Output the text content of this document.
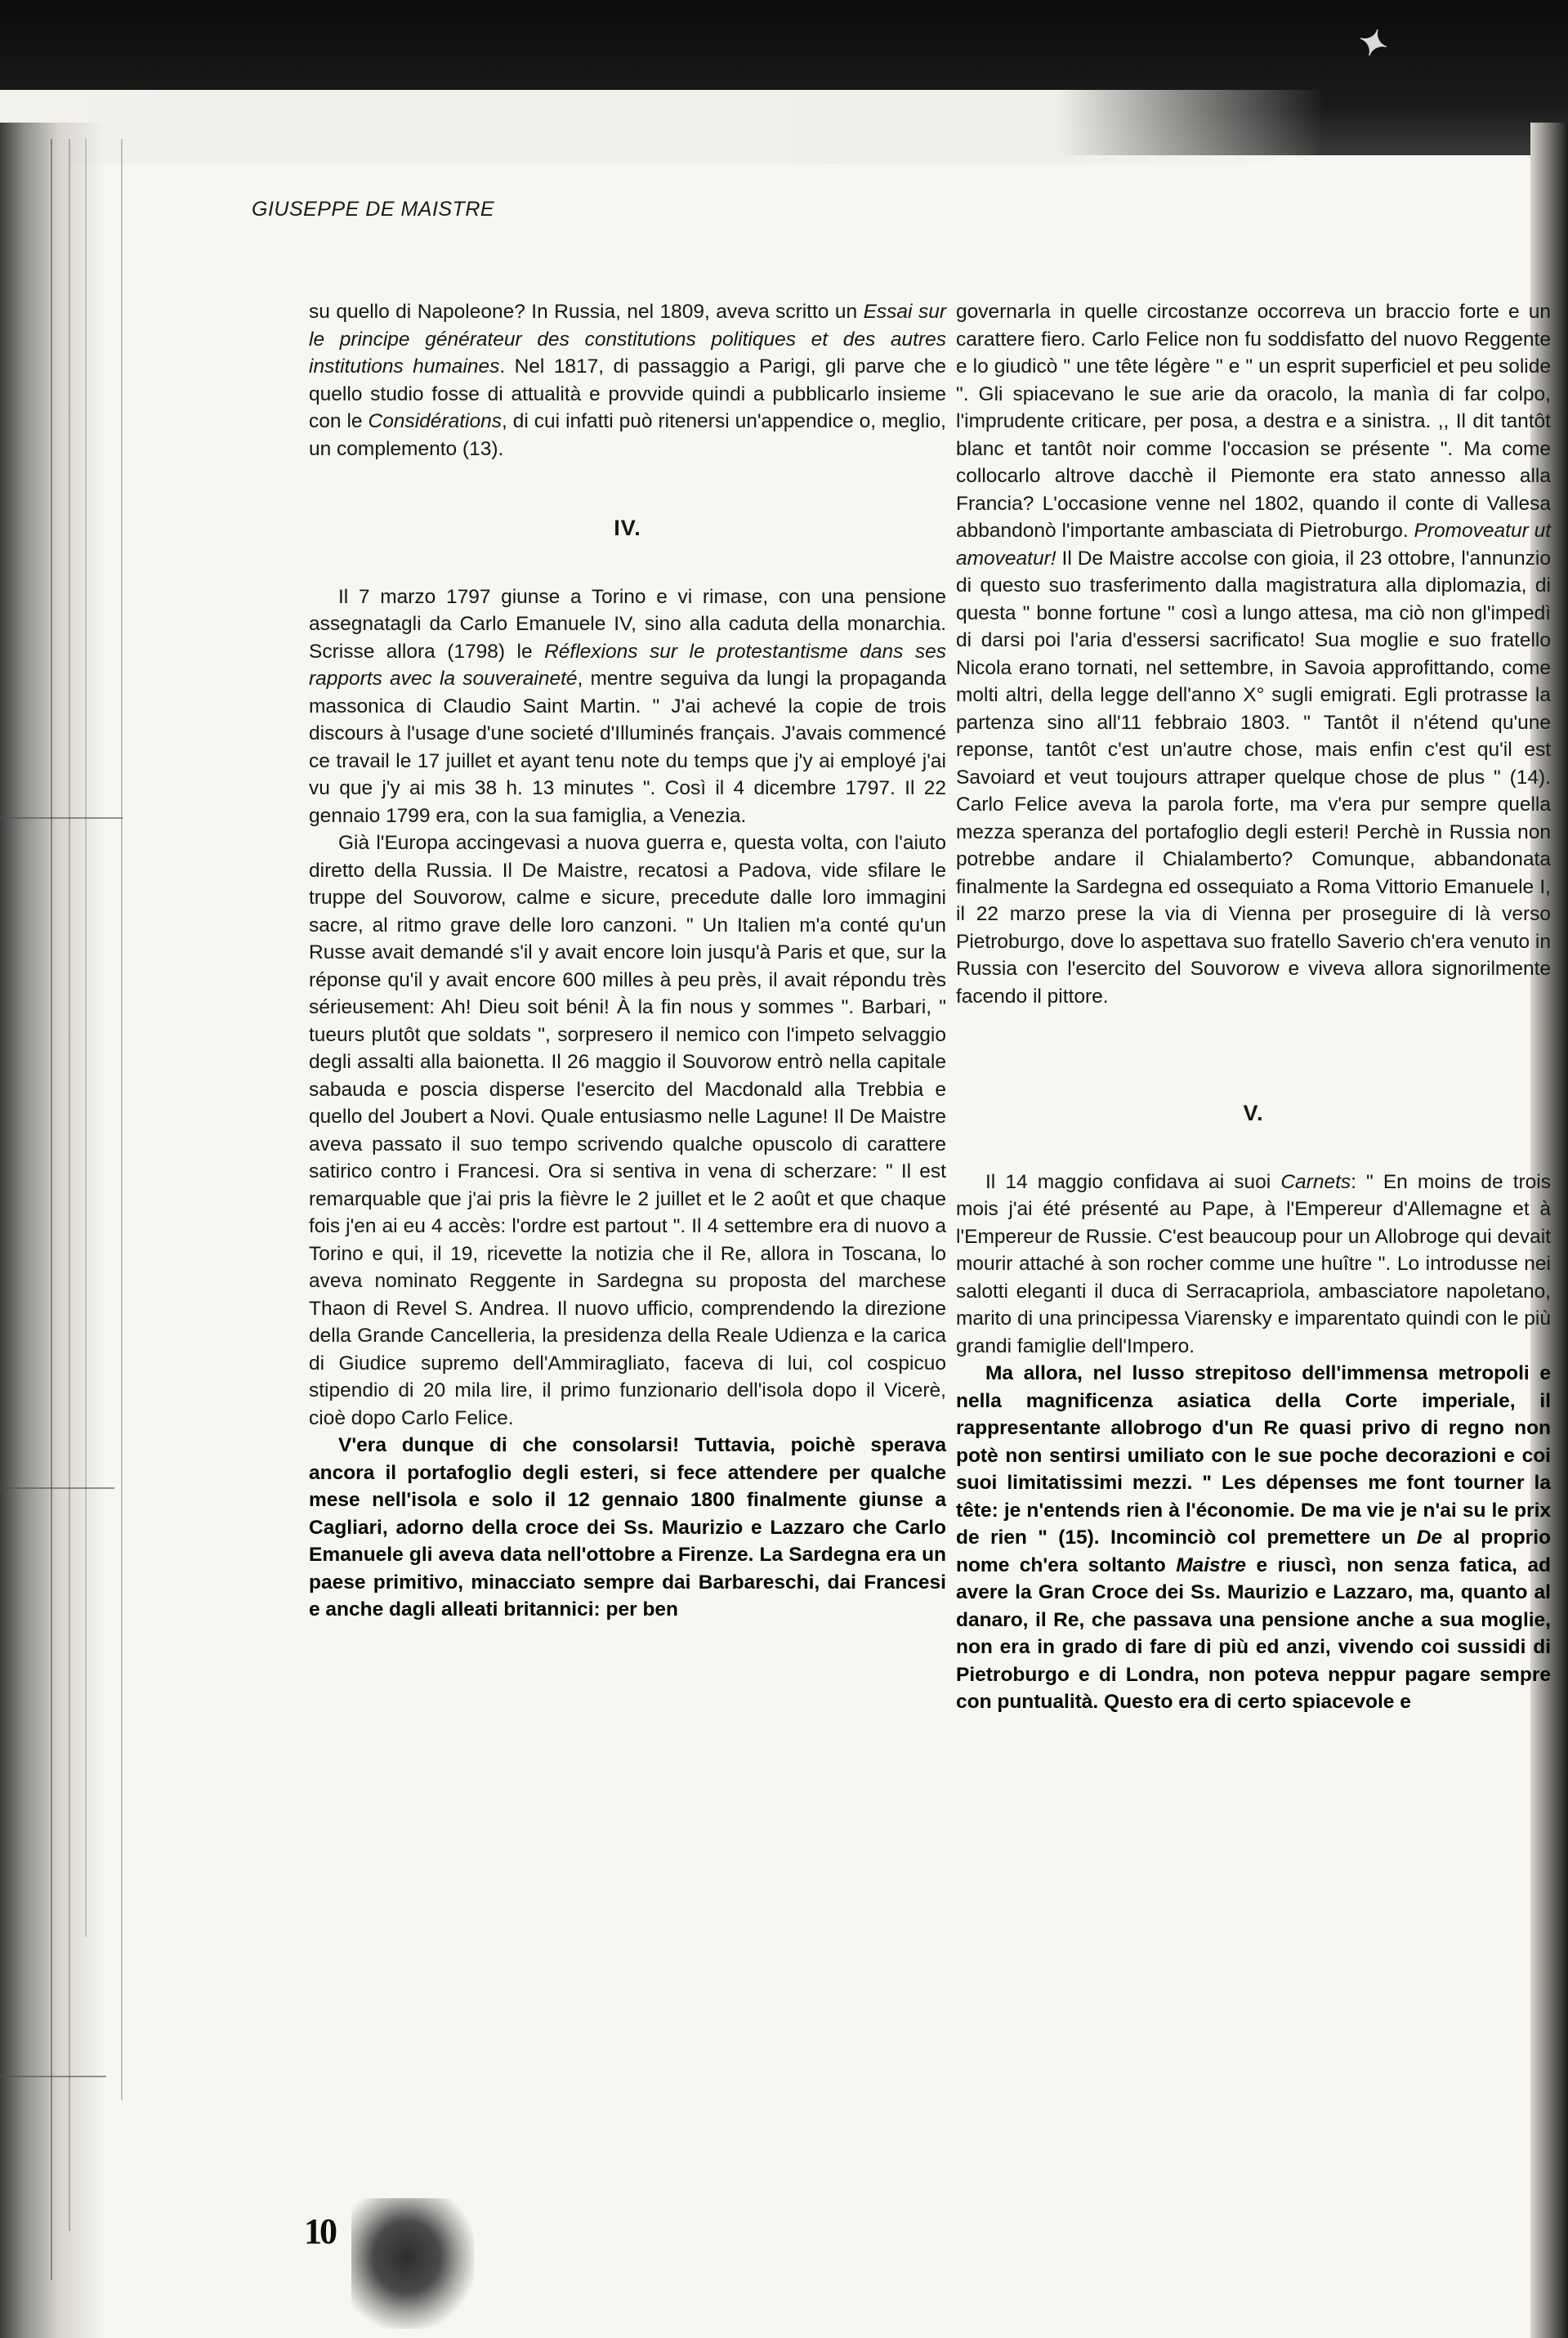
✦
GIUSEPPE DE MAISTRE

su quello di Napoleone? In Russia, nel 1809, aveva scritto un Essai sur le principe générateur des constitutions politiques et des autres institutions humaines. Nel 1817, di passaggio a Parigi, gli parve che quello studio fosse di attualità e provvide quindi a pubblicarlo insieme con le Considérations, di cui infatti può ritenersi un'appendice o, meglio, un complemento (13).

IV.

Il 7 marzo 1797 giunse a Torino e vi rimase, con una pensione assegnatagli da Carlo Emanuele IV, sino alla caduta della monarchia. Scrisse allora (1798) le Réflexions sur le protestantisme dans ses rapports avec la souveraineté, mentre seguiva da lungi la propaganda massonica di Claudio Saint Martin. " J'ai achevé la copie de trois discours à l'usage d'une societé d'Illuminés français. J'avais commencé ce travail le 17 juillet et ayant tenu note du temps que j'y ai employé j'ai vu que j'y ai mis 38 h. 13 minutes ". Così il 4 dicembre 1797. Il 22 gennaio 1799 era, con la sua famiglia, a Venezia.

Già l'Europa accingevasi a nuova guerra e, questa volta, con l'aiuto diretto della Russia. Il De Maistre, recatosi a Padova, vide sfilare le truppe del Souvorow, calme e sicure, precedute dalle loro immagini sacre, al ritmo grave delle loro canzoni. " Un Italien m'a conté qu'un Russe avait demandé s'il y avait encore loin jusqu'à Paris et que, sur la réponse qu'il y avait encore 600 milles à peu près, il avait répondu très sérieusement: Ah! Dieu soit béni! À la fin nous y sommes ". Barbari, " tueurs plutôt que soldats ", sorpresero il nemico con l'impeto selvaggio degli assalti alla baionetta. Il 26 maggio il Souvorow entrò nella capitale sabauda e poscia disperse l'esercito del Macdonald alla Trebbia e quello del Joubert a Novi. Quale entusiasmo nelle Lagune! Il De Maistre aveva passato il suo tempo scrivendo qualche opuscolo di carattere satirico contro i Francesi. Ora si sentiva in vena di scherzare: " Il est remarquable que j'ai pris la fièvre le 2 juillet et le 2 août et que chaque fois j'en ai eu 4 accès: l'ordre est partout ". Il 4 settembre era di nuovo a Torino e qui, il 19, ricevette la notizia che il Re, allora in Toscana, lo aveva nominato Reggente in Sardegna su proposta del marchese Thaon di Revel S. Andrea. Il nuovo ufficio, comprendendo la direzione della Grande Cancelleria, la presidenza della Reale Udienza e la carica di Giudice supremo dell'Ammiragliato, faceva di lui, col cospicuo stipendio di 20 mila lire, il primo funzionario dell'isola dopo il Vicerè, cioè dopo Carlo Felice.

V'era dunque di che consolarsi! Tuttavia, poichè sperava ancora il portafoglio degli esteri, si fece attendere per qualche mese nell'isola e solo il 12 gennaio 1800 finalmente giunse a Cagliari, adorno della croce dei Ss. Maurizio e Lazzaro che Carlo Emanuele gli aveva data nell'ottobre a Firenze. La Sardegna era un paese primitivo, minacciato sempre dai Barbareschi, dai Francesi e anche dagli alleati britannici: per ben

governarla in quelle circostanze occorreva un braccio forte e un carattere fiero. Carlo Felice non fu soddisfatto del nuovo Reggente e lo giudicò " une tête légère " e " un esprit superficiel et peu solide ". Gli spiacevano le sue arie da oracolo, la manìa di far colpo, l'imprudente criticare, per posa, a destra e a sinistra. ,, Il dit tantôt blanc et tantôt noir comme l'occasion se présente ". Ma come collocarlo altrove dacchè il Piemonte era stato annesso alla Francia? L'occasione venne nel 1802, quando il conte di Vallesa abbandonò l'importante ambasciata di Pietroburgo. Promoveatur ut amoveatur! Il De Maistre accolse con gioia, il 23 ottobre, l'annunzio di questo suo trasferimento dalla magistratura alla diplomazia, di questa " bonne fortune " così a lungo attesa, ma ciò non gl'impedì di darsi poi l'aria d'essersi sacrificato! Sua moglie e suo fratello Nicola erano tornati, nel settembre, in Savoia approfittando, come molti altri, della legge dell'anno X° sugli emigrati. Egli protrasse la partenza sino all'11 febbraio 1803. " Tantôt il n'étend qu'une reponse, tantôt c'est un'autre chose, mais enfin c'est qu'il est Savoiard et veut toujours attraper quelque chose de plus " (14). Carlo Felice aveva la parola forte, ma v'era pur sempre quella mezza speranza del portafoglio degli esteri! Perchè in Russia non potrebbe andare il Chialamberto? Comunque, abbandonata finalmente la Sardegna ed ossequiato a Roma Vittorio Emanuele I, il 22 marzo prese la via di Vienna per proseguire di là verso Pietroburgo, dove lo aspettava suo fratello Saverio ch'era venuto in Russia con l'esercito del Souvorow e viveva allora signorilmente facendo il pittore.

V.

Il 14 maggio confidava ai suoi Carnets: " En moins de trois mois j'ai été présenté au Pape, à l'Empereur d'Allemagne et à l'Empereur de Russie. C'est beaucoup pour un Allobroge qui devait mourir attaché à son rocher comme une huître ". Lo introdusse nei salotti eleganti il duca di Serracapriola, ambasciatore napoletano, marito di una principessa Viarensky e imparentato quindi con le più grandi famiglie dell'Impero.

Ma allora, nel lusso strepitoso dell'immensa metropoli e nella magnificenza asiatica della Corte imperiale, il rappresentante allobrogo d'un Re quasi privo di regno non potè non sentirsi umiliato con le sue poche decorazioni e coi suoi limitatissimi mezzi. " Les dépenses me font tourner la tête: je n'entends rien à l'économie. De ma vie je n'ai su le prix de rien " (15). Incominciò col premettere un De al proprio nome ch'era soltanto Maistre e riuscì, non senza fatica, ad avere la Gran Croce dei Ss. Maurizio e Lazzaro, ma, quanto al danaro, il Re, che passava una pensione anche a sua moglie, non era in grado di fare di più ed anzi, vivendo coi sussidi di Pietroburgo e di Londra, non poteva neppur pagare sempre con puntualità. Questo era di certo spiacevole e

10
